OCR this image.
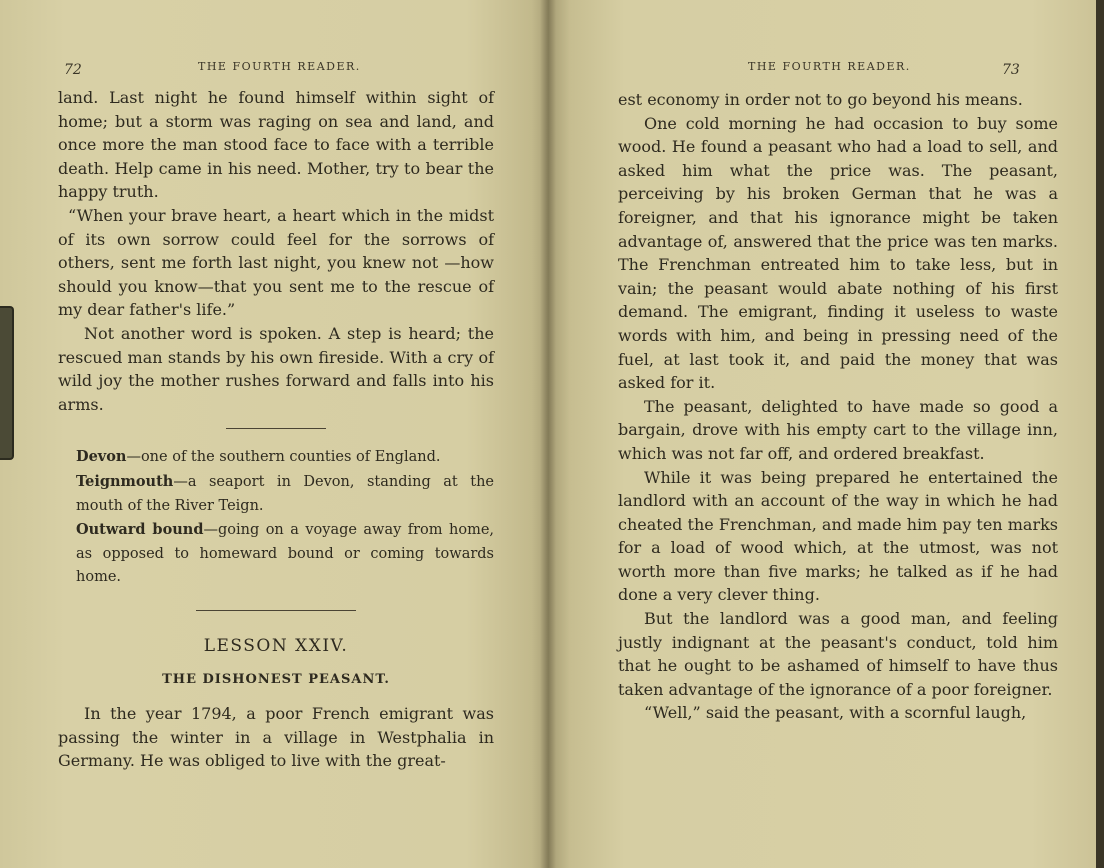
72	THE FOURTH READER.

land. Last night he found himself within sight of home; but a storm was raging on sea and land, and once more the man stood face to face with a terrible death. Help came in his need. Mother, try to bear the happy truth.

“When your brave heart, a heart which in the midst of its own sorrow could feel for the sorrows of others, sent me forth last night, you knew not —how should you know—that you sent me to the rescue of my dear father's life.”

Not another word is spoken. A step is heard; the rescued man stands by his own fireside. With a cry of wild joy the mother rushes forward and falls into his arms.

Devon—one of the southern counties of England.

Teignmouth—a seaport in Devon, standing at the mouth of the River Teign.

Outward bound—going on a voyage away from home, as opposed to homeward bound or coming towards home.

LESSON XXIV.
THE DISHONEST PEASANT.

In the year 1794, a poor French emigrant was passing the winter in a village in Westphalia in Germany. He was obliged to live with the great-

THE FOURTH READER.	73

est economy in order not to go beyond his means.

One cold morning he had occasion to buy some wood. He found a peasant who had a load to sell, and asked him what the price was. The peasant, perceiving by his broken German that he was a foreigner, and that his ignorance might be taken advantage of, answered that the price was ten marks. The Frenchman entreated him to take less, but in vain; the peasant would abate nothing of his first demand. The emigrant, finding it useless to waste words with him, and being in pressing need of the fuel, at last took it, and paid the money that was asked for it.

The peasant, delighted to have made so good a bargain, drove with his empty cart to the village inn, which was not far off, and ordered breakfast.

While it was being prepared he entertained the landlord with an account of the way in which he had cheated the Frenchman, and made him pay ten marks for a load of wood which, at the utmost, was not worth more than five marks; he talked as if he had done a very clever thing.

But the landlord was a good man, and feeling justly indignant at the peasant's conduct, told him that he ought to be ashamed of himself to have thus taken advantage of the ignorance of a poor foreigner.

“Well,” said the peasant, with a scornful laugh,
